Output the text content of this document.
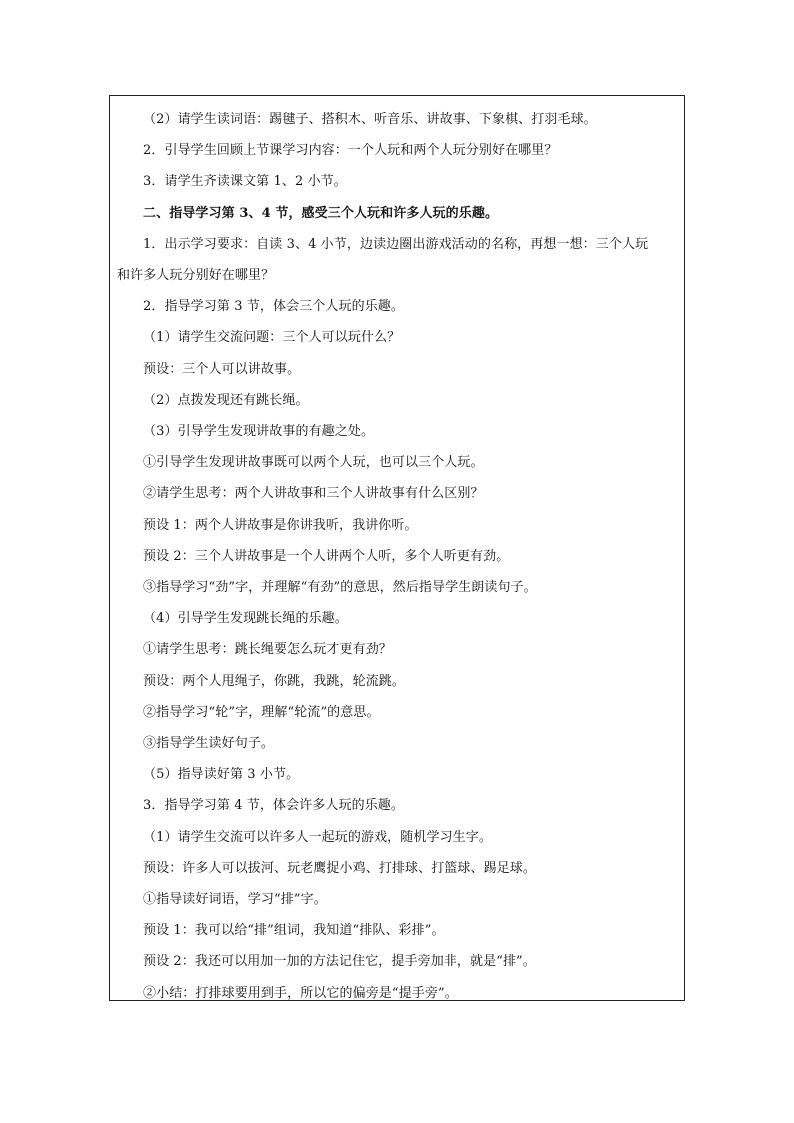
（2）请学生读词语：踢毽子、搭积木、听音乐、讲故事、下象棋、打羽毛球。
2．引导学生回顾上节课学习内容：一个人玩和两个人玩分别好在哪里？
3．请学生齐读课文第 1、2 小节。
二、指导学习第 3、4 节，感受三个人玩和许多人玩的乐趣。
1．出示学习要求：自读 3、4 小节，边读边圈出游戏活动的名称，再想一想：三个人玩
和许多人玩分别好在哪里？
2．指导学习第 3 节，体会三个人玩的乐趣。
（1）请学生交流问题：三个人可以玩什么？
预设：三个人可以讲故事。
（2）点拨发现还有跳长绳。
（3）引导学生发现讲故事的有趣之处。
①引导学生发现讲故事既可以两个人玩，也可以三个人玩。
②请学生思考：两个人讲故事和三个人讲故事有什么区别？
预设 1：两个人讲故事是你讲我听，我讲你听。
预设 2：三个人讲故事是一个人讲两个人听，多个人听更有劲。
③指导学习“劲”字，并理解“有劲”的意思，然后指导学生朗读句子。
（4）引导学生发现跳长绳的乐趣。
①请学生思考：跳长绳要怎么玩才更有劲？
预设：两个人甩绳子，你跳，我跳，轮流跳。
②指导学习“轮”字，理解“轮流”的意思。
③指导学生读好句子。
（5）指导读好第 3 小节。
3．指导学习第 4 节，体会许多人玩的乐趣。
（1）请学生交流可以许多人一起玩的游戏，随机学习生字。
预设：许多人可以拔河、玩老鹰捉小鸡、打排球、打篮球、踢足球。
①指导读好词语，学习“排”字。
预设 1：我可以给“排”组词，我知道“排队、彩排”。
预设 2：我还可以用加一加的方法记住它，提手旁加非，就是“排”。
②小结：打排球要用到手，所以它的偏旁是“提手旁”。
